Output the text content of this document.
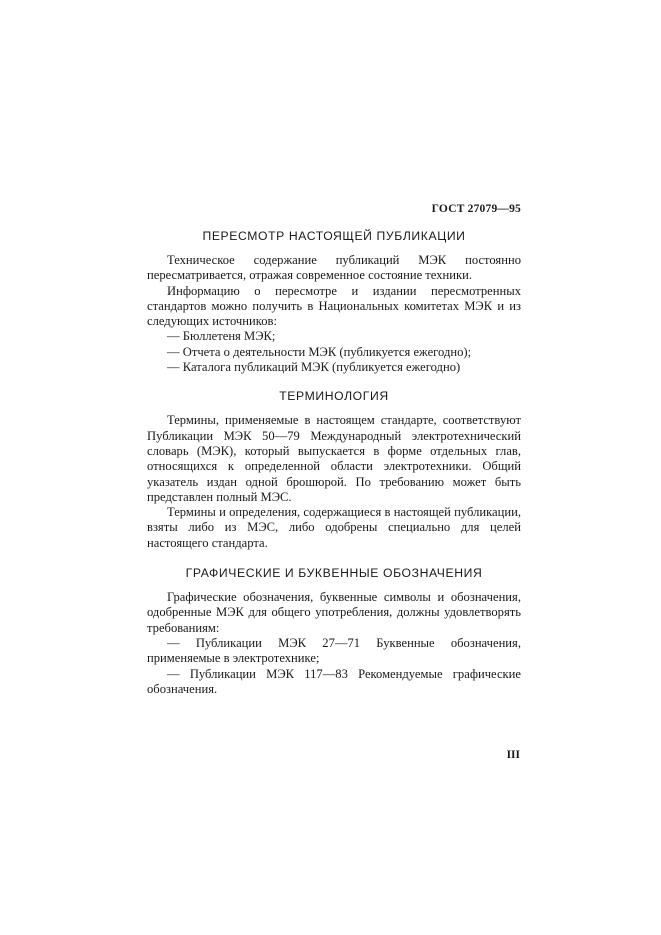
ГОСТ 27079—95
ПЕРЕСМОТР НАСТОЯЩЕЙ ПУБЛИКАЦИИ

Техническое содержание публикаций МЭК постоянно пересматривается, отражая современное состояние техники.

Информацию о пересмотре и издании пересмотренных стандартов можно получить в Национальных комитетах МЭК и из следующих источников:

— Бюллетеня МЭК;

— Отчета о деятельности МЭК (публикуется ежегодно);

— Каталога публикаций МЭК (публикуется ежегодно)

ТЕРМИНОЛОГИЯ

Термины, применяемые в настоящем стандарте, соответствуют Публикации МЭК 50—79 Международный электротехнический словарь (МЭК), который выпускается в форме отдельных глав, относящихся к определенной области электротехники. Общий указатель издан одной брошюрой. По требованию может быть представлен полный МЭС.

Термины и определения, содержащиеся в настоящей публикации, взяты либо из МЭС, либо одобрены специально для целей настоящего стандарта.

ГРАФИЧЕСКИЕ И БУКВЕННЫЕ ОБОЗНАЧЕНИЯ

Графические обозначения, буквенные символы и обозначения, одобренные МЭК для общего употребления, должны удовлетворять требованиям:

— Публикации МЭК 27—71 Буквенные обозначения, применяемые в электротехнике;

— Публикации МЭК 117—83 Рекомендуемые графические обозначения.

III
